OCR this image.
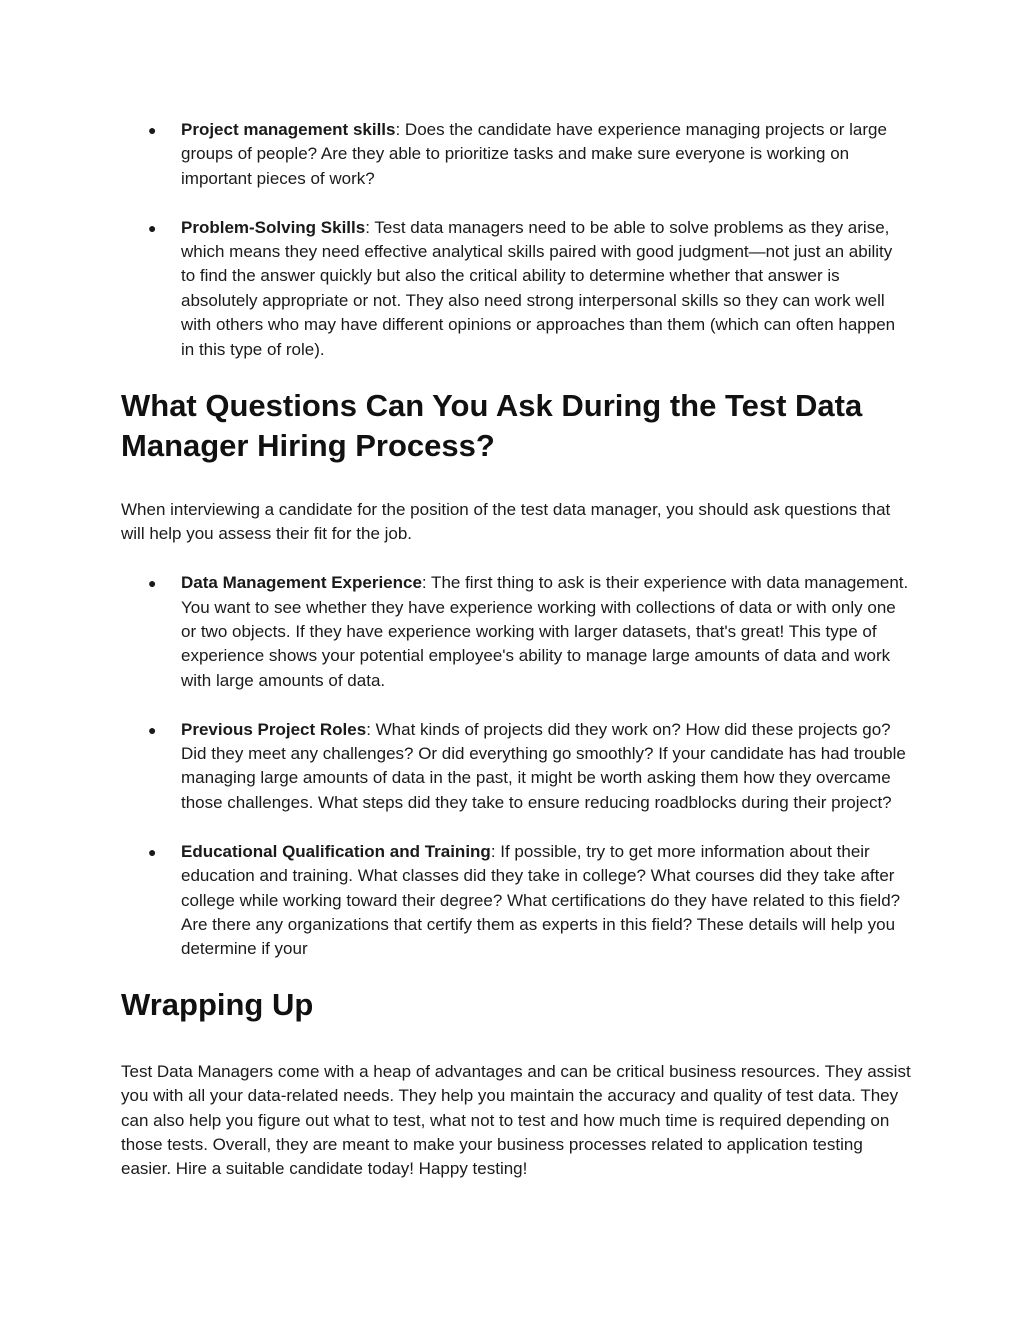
● Project management skills: Does the candidate have experience managing projects or large groups of people? Are they able to prioritize tasks and make sure everyone is working on important pieces of work?
● Problem-Solving Skills: Test data managers need to be able to solve problems as they arise, which means they need effective analytical skills paired with good judgment—not just an ability to find the answer quickly but also the critical ability to determine whether that answer is absolutely appropriate or not. They also need strong interpersonal skills so they can work well with others who may have different opinions or approaches than them (which can often happen in this type of role).
What Questions Can You Ask During the Test Data Manager Hiring Process?

When interviewing a candidate for the position of the test data manager, you should ask questions that will help you assess their fit for the job.

● Data Management Experience: The first thing to ask is their experience with data management. You want to see whether they have experience working with collections of data or with only one or two objects. If they have experience working with larger datasets, that's great! This type of experience shows your potential employee's ability to manage large amounts of data and work with large amounts of data.
● Previous Project Roles: What kinds of projects did they work on? How did these projects go? Did they meet any challenges? Or did everything go smoothly? If your candidate has had trouble managing large amounts of data in the past, it might be worth asking them how they overcame those challenges. What steps did they take to ensure reducing roadblocks during their project?
● Educational Qualification and Training: If possible, try to get more information about their education and training. What classes did they take in college? What courses did they take after college while working toward their degree? What certifications do they have related to this field? Are there any organizations that certify them as experts in this field? These details will help you determine if your
Wrapping Up

Test Data Managers come with a heap of advantages and can be critical business resources. They assist you with all your data-related needs. They help you maintain the accuracy and quality of test data. They can also help you figure out what to test, what not to test and how much time is required depending on those tests. Overall, they are meant to make your business processes related to application testing easier. Hire a suitable candidate today! Happy testing!
